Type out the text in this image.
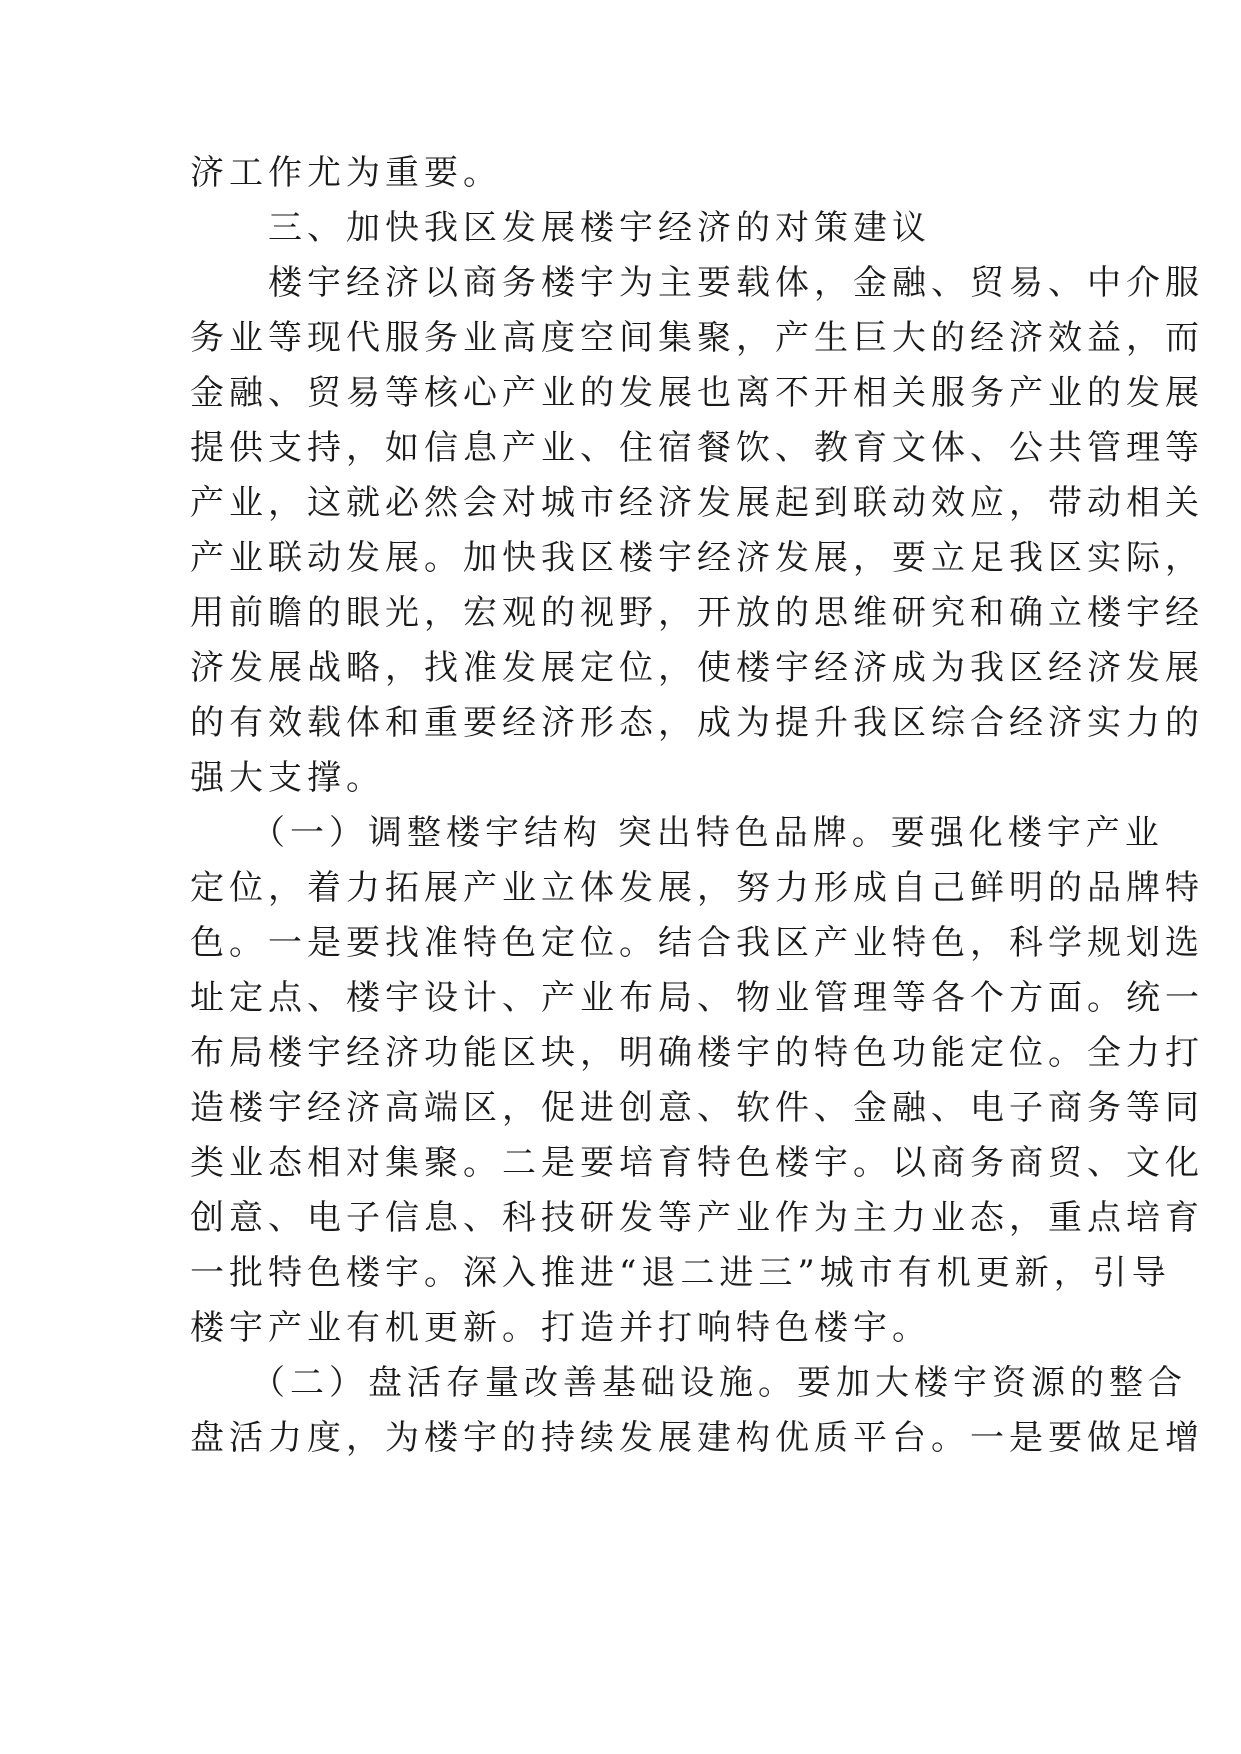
济工作尤为重要。
　　三、加快我区发展楼宇经济的对策建议
　　楼宇经济以商务楼宇为主要载体，金融、贸易、中介服
务业等现代服务业高度空间集聚，产生巨大的经济效益，而
金融、贸易等核心产业的发展也离不开相关服务产业的发展
提供支持，如信息产业、住宿餐饮、教育文体、公共管理等
产业，这就必然会对城市经济发展起到联动效应，带动相关
产业联动发展。加快我区楼宇经济发展，要立足我区实际，
用前瞻的眼光，宏观的视野，开放的思维研究和确立楼宇经
济发展战略，找准发展定位，使楼宇经济成为我区经济发展
的有效载体和重要经济形态，成为提升我区综合经济实力的
强大支撑。
　　（一）调整楼宇结构 突出特色品牌。要强化楼宇产业
定位，着力拓展产业立体发展，努力形成自己鲜明的品牌特
色。一是要找准特色定位。结合我区产业特色，科学规划选
址定点、楼宇设计、产业布局、物业管理等各个方面。统一
布局楼宇经济功能区块，明确楼宇的特色功能定位。全力打
造楼宇经济高端区，促进创意、软件、金融、电子商务等同
类业态相对集聚。二是要培育特色楼宇。以商务商贸、文化
创意、电子信息、科技研发等产业作为主力业态，重点培育
一批特色楼宇。深入推进“退二进三”城市有机更新，引导
楼宇产业有机更新。打造并打响特色楼宇。
　　（二）盘活存量改善基础设施。要加大楼宇资源的整合
盘活力度，为楼宇的持续发展建构优质平台。一是要做足增
